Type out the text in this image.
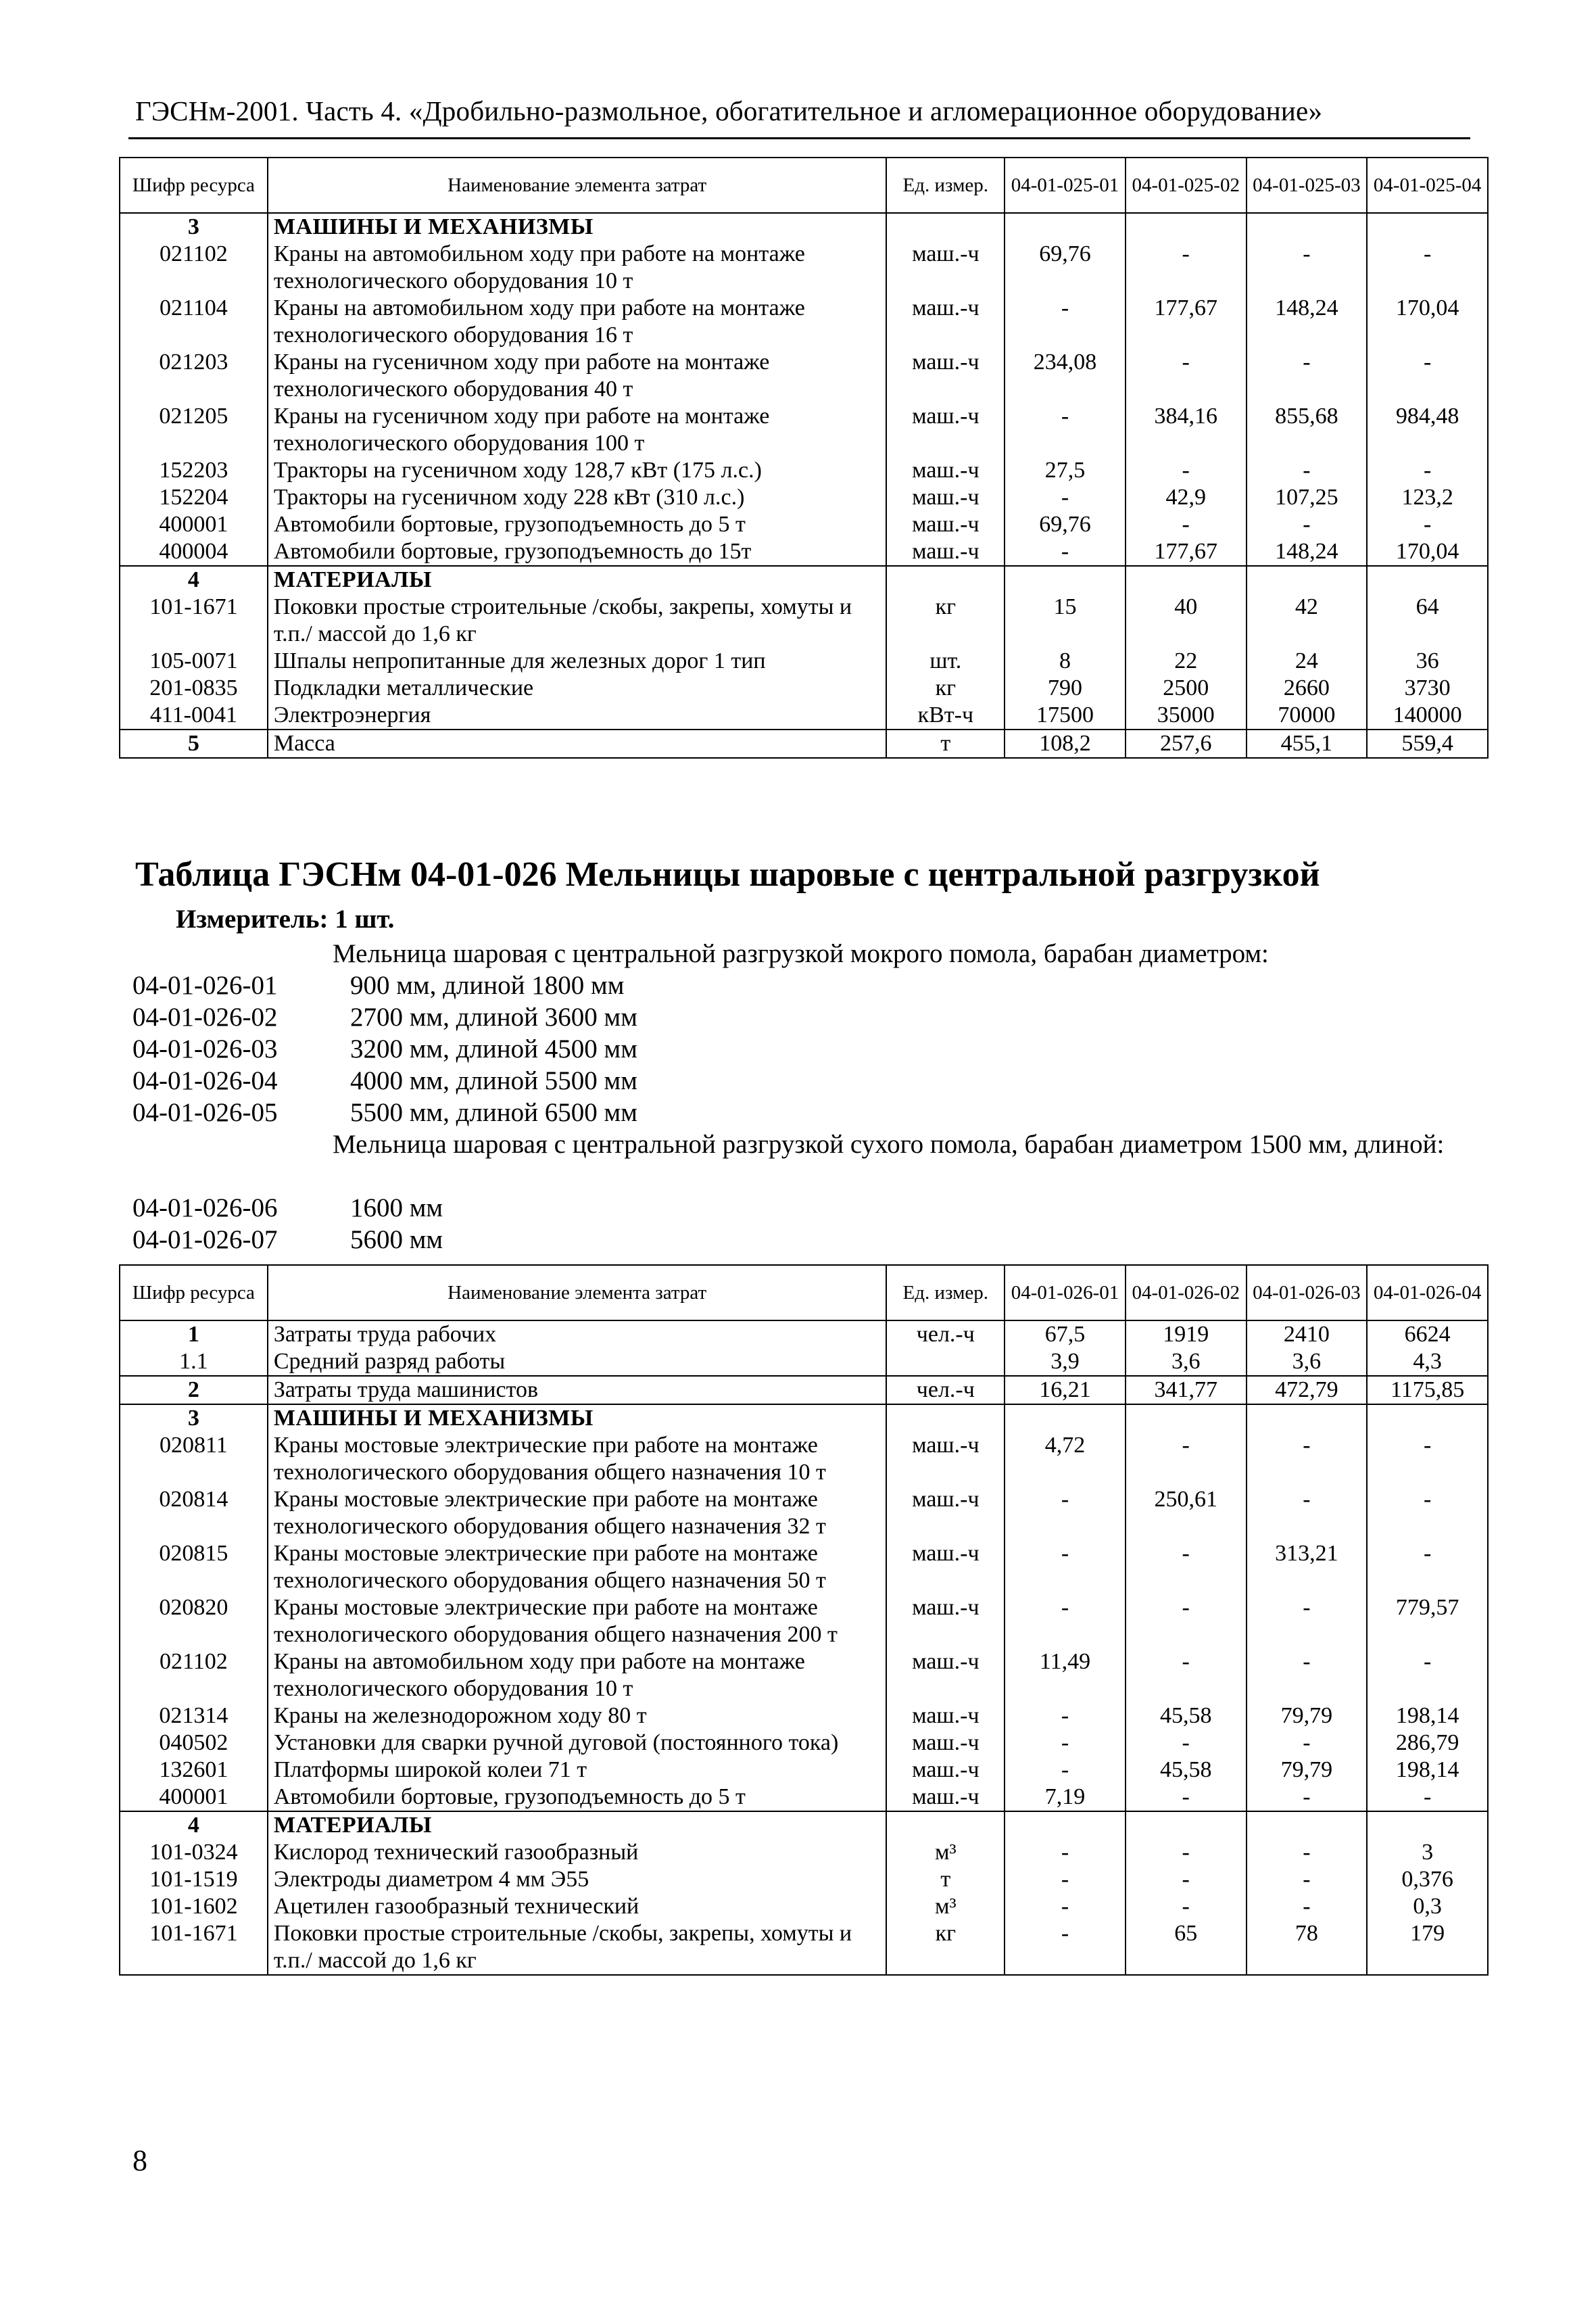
ГЭСНм-2001. Часть 4. «Дробильно-размольное, обогатительное и агломерационное оборудование»
Шифр ресурса	Наименование элемента затрат	Ед. измер.	04-01-025-01	04-01-025-02	04-01-025-03	04-01-025-04
3	МАШИНЫ И МЕХАНИЗМЫ					
021102	Краны на автомобильном ходу при работе на монтаже технологического оборудования 10 т	маш.-ч	69,76	-	-	-
021104	Краны на автомобильном ходу при работе на монтаже технологического оборудования 16 т	маш.-ч	-	177,67	148,24	170,04
021203	Краны на гусеничном ходу при работе на монтаже технологического оборудования 40 т	маш.-ч	234,08	-	-	-
021205	Краны на гусеничном ходу при работе на монтаже технологического оборудования 100 т	маш.-ч	-	384,16	855,68	984,48
152203	Тракторы на гусеничном ходу 128,7 кВт (175 л.с.)	маш.-ч	27,5	-	-	-
152204	Тракторы на гусеничном ходу 228 кВт (310 л.с.)	маш.-ч	-	42,9	107,25	123,2
400001	Автомобили бортовые, грузоподъемность до 5 т	маш.-ч	69,76	-	-	-
400004	Автомобили бортовые, грузоподъемность до 15т	маш.-ч	-	177,67	148,24	170,04
4	МАТЕРИАЛЫ					
101-1671	Поковки простые строительные /скобы, закрепы, хомуты и т.п./ массой до 1,6 кг	кг	15	40	42	64
105-0071	Шпалы непропитанные для железных дорог 1 тип	шт.	8	22	24	36
201-0835	Подкладки металлические	кг	790	2500	2660	3730
411-0041	Электроэнергия	кВт-ч	17500	35000	70000	140000
5	Масса	т	108,2	257,6	455,1	559,4
Таблица ГЭСНм 04-01-026 Мельницы шаровые с центральной разгрузкой
Измеритель: 1 шт.
Мельница шаровая с центральной разгрузкой мокрого помола, барабан диаметром:
04-01-026-01	900 мм, длиной 1800 мм
04-01-026-02	2700 мм, длиной 3600 мм
04-01-026-03	3200 мм, длиной 4500 мм
04-01-026-04	4000 мм, длиной 5500 мм
04-01-026-05	5500 мм, длиной 6500 мм
Мельница шаровая с центральной разгрузкой сухого помола, барабан диаметром 1500 мм, длиной:
04-01-026-06	1600 мм
04-01-026-07	5600 мм
Шифр ресурса	Наименование элемента затрат	Ед. измер.	04-01-026-01	04-01-026-02	04-01-026-03	04-01-026-04
1	Затраты труда рабочих	чел.-ч	67,5	1919	2410	6624
1.1	Средний разряд работы		3,9	3,6	3,6	4,3
2	Затраты труда машинистов	чел.-ч	16,21	341,77	472,79	1175,85
3	МАШИНЫ И МЕХАНИЗМЫ					
020811	Краны мостовые электрические при работе на монтаже технологического оборудования общего назначения 10 т	маш.-ч	4,72	-	-	-
020814	Краны мостовые электрические при работе на монтаже технологического оборудования общего назначения 32 т	маш.-ч	-	250,61	-	-
020815	Краны мостовые электрические при работе на монтаже технологического оборудования общего назначения 50 т	маш.-ч	-	-	313,21	-
020820	Краны мостовые электрические при работе на монтаже технологического оборудования общего назначения 200 т	маш.-ч	-	-	-	779,57
021102	Краны на автомобильном ходу при работе на монтаже технологического оборудования 10 т	маш.-ч	11,49	-	-	-
021314	Краны на железнодорожном ходу 80 т	маш.-ч	-	45,58	79,79	198,14
040502	Установки для сварки ручной дуговой (постоянного тока)	маш.-ч	-	-	-	286,79
132601	Платформы широкой колеи 71 т	маш.-ч	-	45,58	79,79	198,14
400001	Автомобили бортовые, грузоподъемность до 5 т	маш.-ч	7,19	-	-	-
4	МАТЕРИАЛЫ					
101-0324	Кислород технический газообразный	м³	-	-	-	3
101-1519	Электроды диаметром 4 мм Э55	т	-	-	-	0,376
101-1602	Ацетилен газообразный технический	м³	-	-	-	0,3
101-1671	Поковки простые строительные /скобы, закрепы, хомуты и т.п./ массой до 1,6 кг	кг	-	65	78	179
8
